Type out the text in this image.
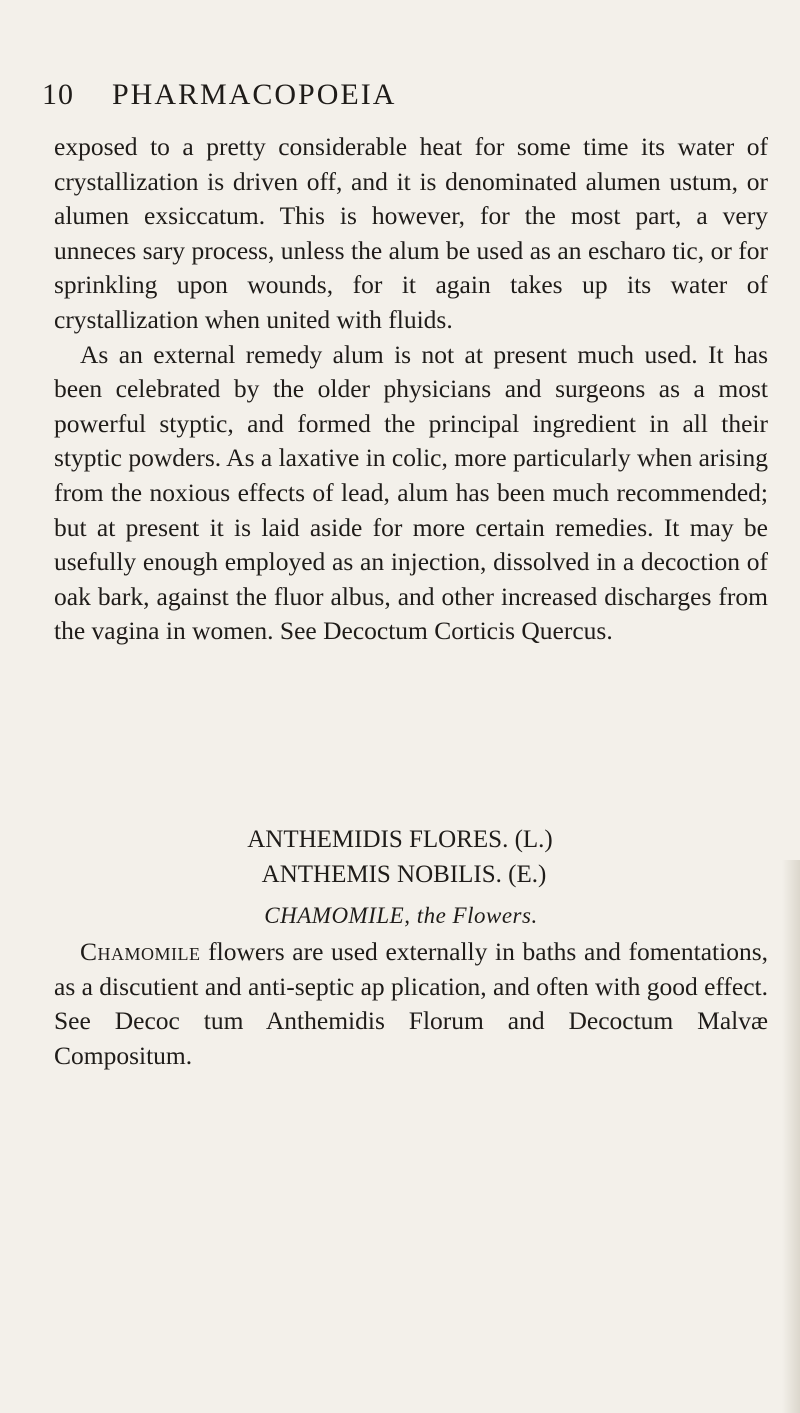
10 PHARMACOPOEIA

exposed to a pretty considerable heat for some time its water of crystallization is driven off, and it is denominated alumen ustum, or alumen exsiccatum. This is however, for the most part, a very unneces sary process, unless the alum be used as an escharo tic, or for sprinkling upon wounds, for it again takes up its water of crystallization when united with fluids.

As an external remedy alum is not at present much used. It has been celebrated by the older physicians and surgeons as a most powerful styptic, and formed the principal ingredient in all their styptic powders. As a laxative in colic, more particularly when arising from the noxious effects of lead, alum has been much recommended; but at present it is laid aside for more certain remedies. It may be usefully enough employed as an injection, dissolved in a decoction of oak bark, against the fluor albus, and other increased discharges from the vagina in women. See Decoctum Corticis Quercus.

ANTHEMIDIS FLORES. (L.)
ANTHEMIS NOBILIS. (E.)
CHAMOMILE, the Flowers.

Chamomile flowers are used externally in baths and fomentations, as a discutient and anti-septic ap plication, and often with good effect. See Decoc tum Anthemidis Florum and Decoctum Malvæ Compositum.
